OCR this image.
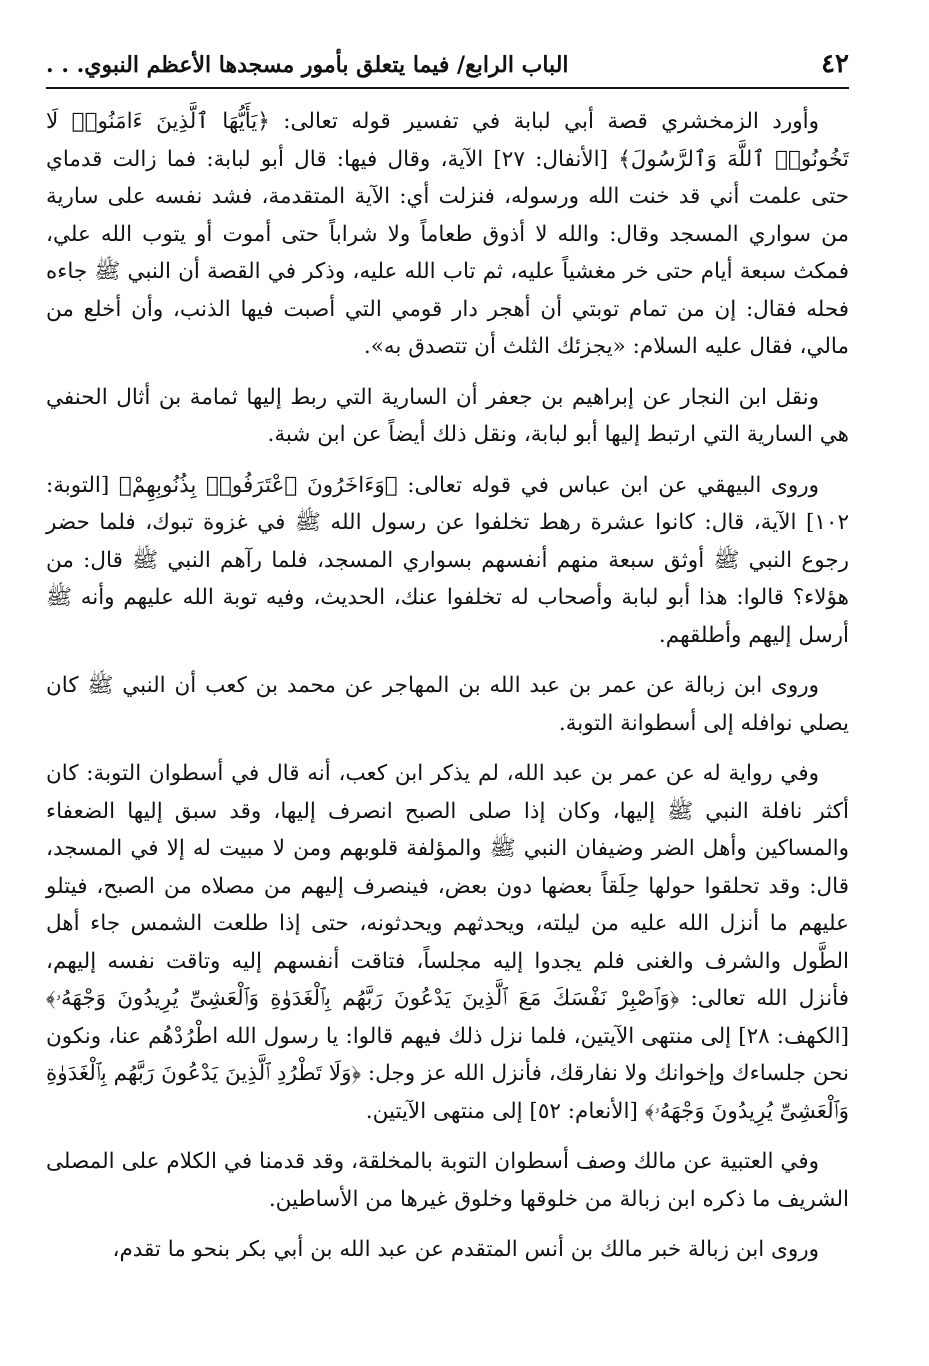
٤٢
الباب الرابع/ فيما يتعلق بأمور مسجدها الأعظم النبوي. . .

وأورد الزمخشري قصة أبي لبابة في تفسير قوله تعالى: ﴿يَأَيُّهَا ٱلَّذِينَ ءَامَنُوا۟ لَا تَخُونُوا۟ ٱللَّهَ وَٱلرَّسُولَ﴾ [الأنفال: ٢٧] الآية، وقال فيها: قال أبو لبابة: فما زالت قدماي حتى علمت أني قد خنت الله ورسوله، فنزلت أي: الآية المتقدمة، فشد نفسه على سارية من سواري المسجد وقال: والله لا أذوق طعاماً ولا شراباً حتى أموت أو يتوب الله علي، فمكث سبعة أيام حتى خر مغشياً عليه، ثم تاب الله عليه، وذكر في القصة أن النبي ﷺ جاءه فحله فقال: إن من تمام توبتي أن أهجر دار قومي التي أصبت فيها الذنب، وأن أخلع من مالي، فقال عليه السلام: «يجزئك الثلث أن تتصدق به».

ونقل ابن النجار عن إبراهيم بن جعفر أن السارية التي ربط إليها ثمامة بن أثال الحنفي هي السارية التي ارتبط إليها أبو لبابة، ونقل ذلك أيضاً عن ابن شبة.

وروى البيهقي عن ابن عباس في قوله تعالى: ﴿وَءَاخَرُونَ ٱعْتَرَفُوا۟ بِذُنُوبِهِمْ﴾ [التوبة: ١٠٢] الآية، قال: كانوا عشرة رهط تخلفوا عن رسول الله ﷺ في غزوة تبوك، فلما حضر رجوع النبي ﷺ أوثق سبعة منهم أنفسهم بسواري المسجد، فلما رآهم النبي ﷺ قال: من هؤلاء؟ قالوا: هذا أبو لبابة وأصحاب له تخلفوا عنك، الحديث، وفيه توبة الله عليهم وأنه ﷺ أرسل إليهم وأطلقهم.

وروى ابن زبالة عن عمر بن عبد الله بن المهاجر عن محمد بن كعب أن النبي ﷺ كان يصلي نوافله إلى أسطوانة التوبة.

وفي رواية له عن عمر بن عبد الله، لم يذكر ابن كعب، أنه قال في أسطوان التوبة: كان أكثر نافلة النبي ﷺ إليها، وكان إذا صلى الصبح انصرف إليها، وقد سبق إليها الضعفاء والمساكين وأهل الضر وضيفان النبي ﷺ والمؤلفة قلوبهم ومن لا مبيت له إلا في المسجد، قال: وقد تحلقوا حولها حِلَقاً بعضها دون بعض، فينصرف إليهم من مصلاه من الصبح، فيتلو عليهم ما أنزل الله عليه من ليلته، ويحدثهم ويحدثونه، حتى إذا طلعت الشمس جاء أهل الطَّول والشرف والغنى فلم يجدوا إليه مجلساً، فتاقت أنفسهم إليه وتاقت نفسه إليهم، فأنزل الله تعالى: ﴿وَٱصْبِرْ نَفْسَكَ مَعَ ٱلَّذِينَ يَدْعُونَ رَبَّهُم بِٱلْغَدَوٰةِ وَٱلْعَشِىِّ يُرِيدُونَ وَجْهَهُۥ﴾ [الكهف: ٢٨] إلى منتهى الآيتين، فلما نزل ذلك فيهم قالوا: يا رسول الله اطْرُدْهُم عنا، ونكون نحن جلساءك وإخوانك ولا نفارقك، فأنزل الله عز وجل: ﴿وَلَا تَطْرُدِ ٱلَّذِينَ يَدْعُونَ رَبَّهُم بِٱلْغَدَوٰةِ وَٱلْعَشِىِّ يُرِيدُونَ وَجْهَهُۥ﴾ [الأنعام: ٥٢] إلى منتهى الآيتين.

وفي العتبية عن مالك وصف أسطوان التوبة بالمخلقة، وقد قدمنا في الكلام على المصلى الشريف ما ذكره ابن زبالة من خلوقها وخلوق غيرها من الأساطين.

وروى ابن زبالة خبر مالك بن أنس المتقدم عن عبد الله بن أبي بكر بنحو ما تقدم،
